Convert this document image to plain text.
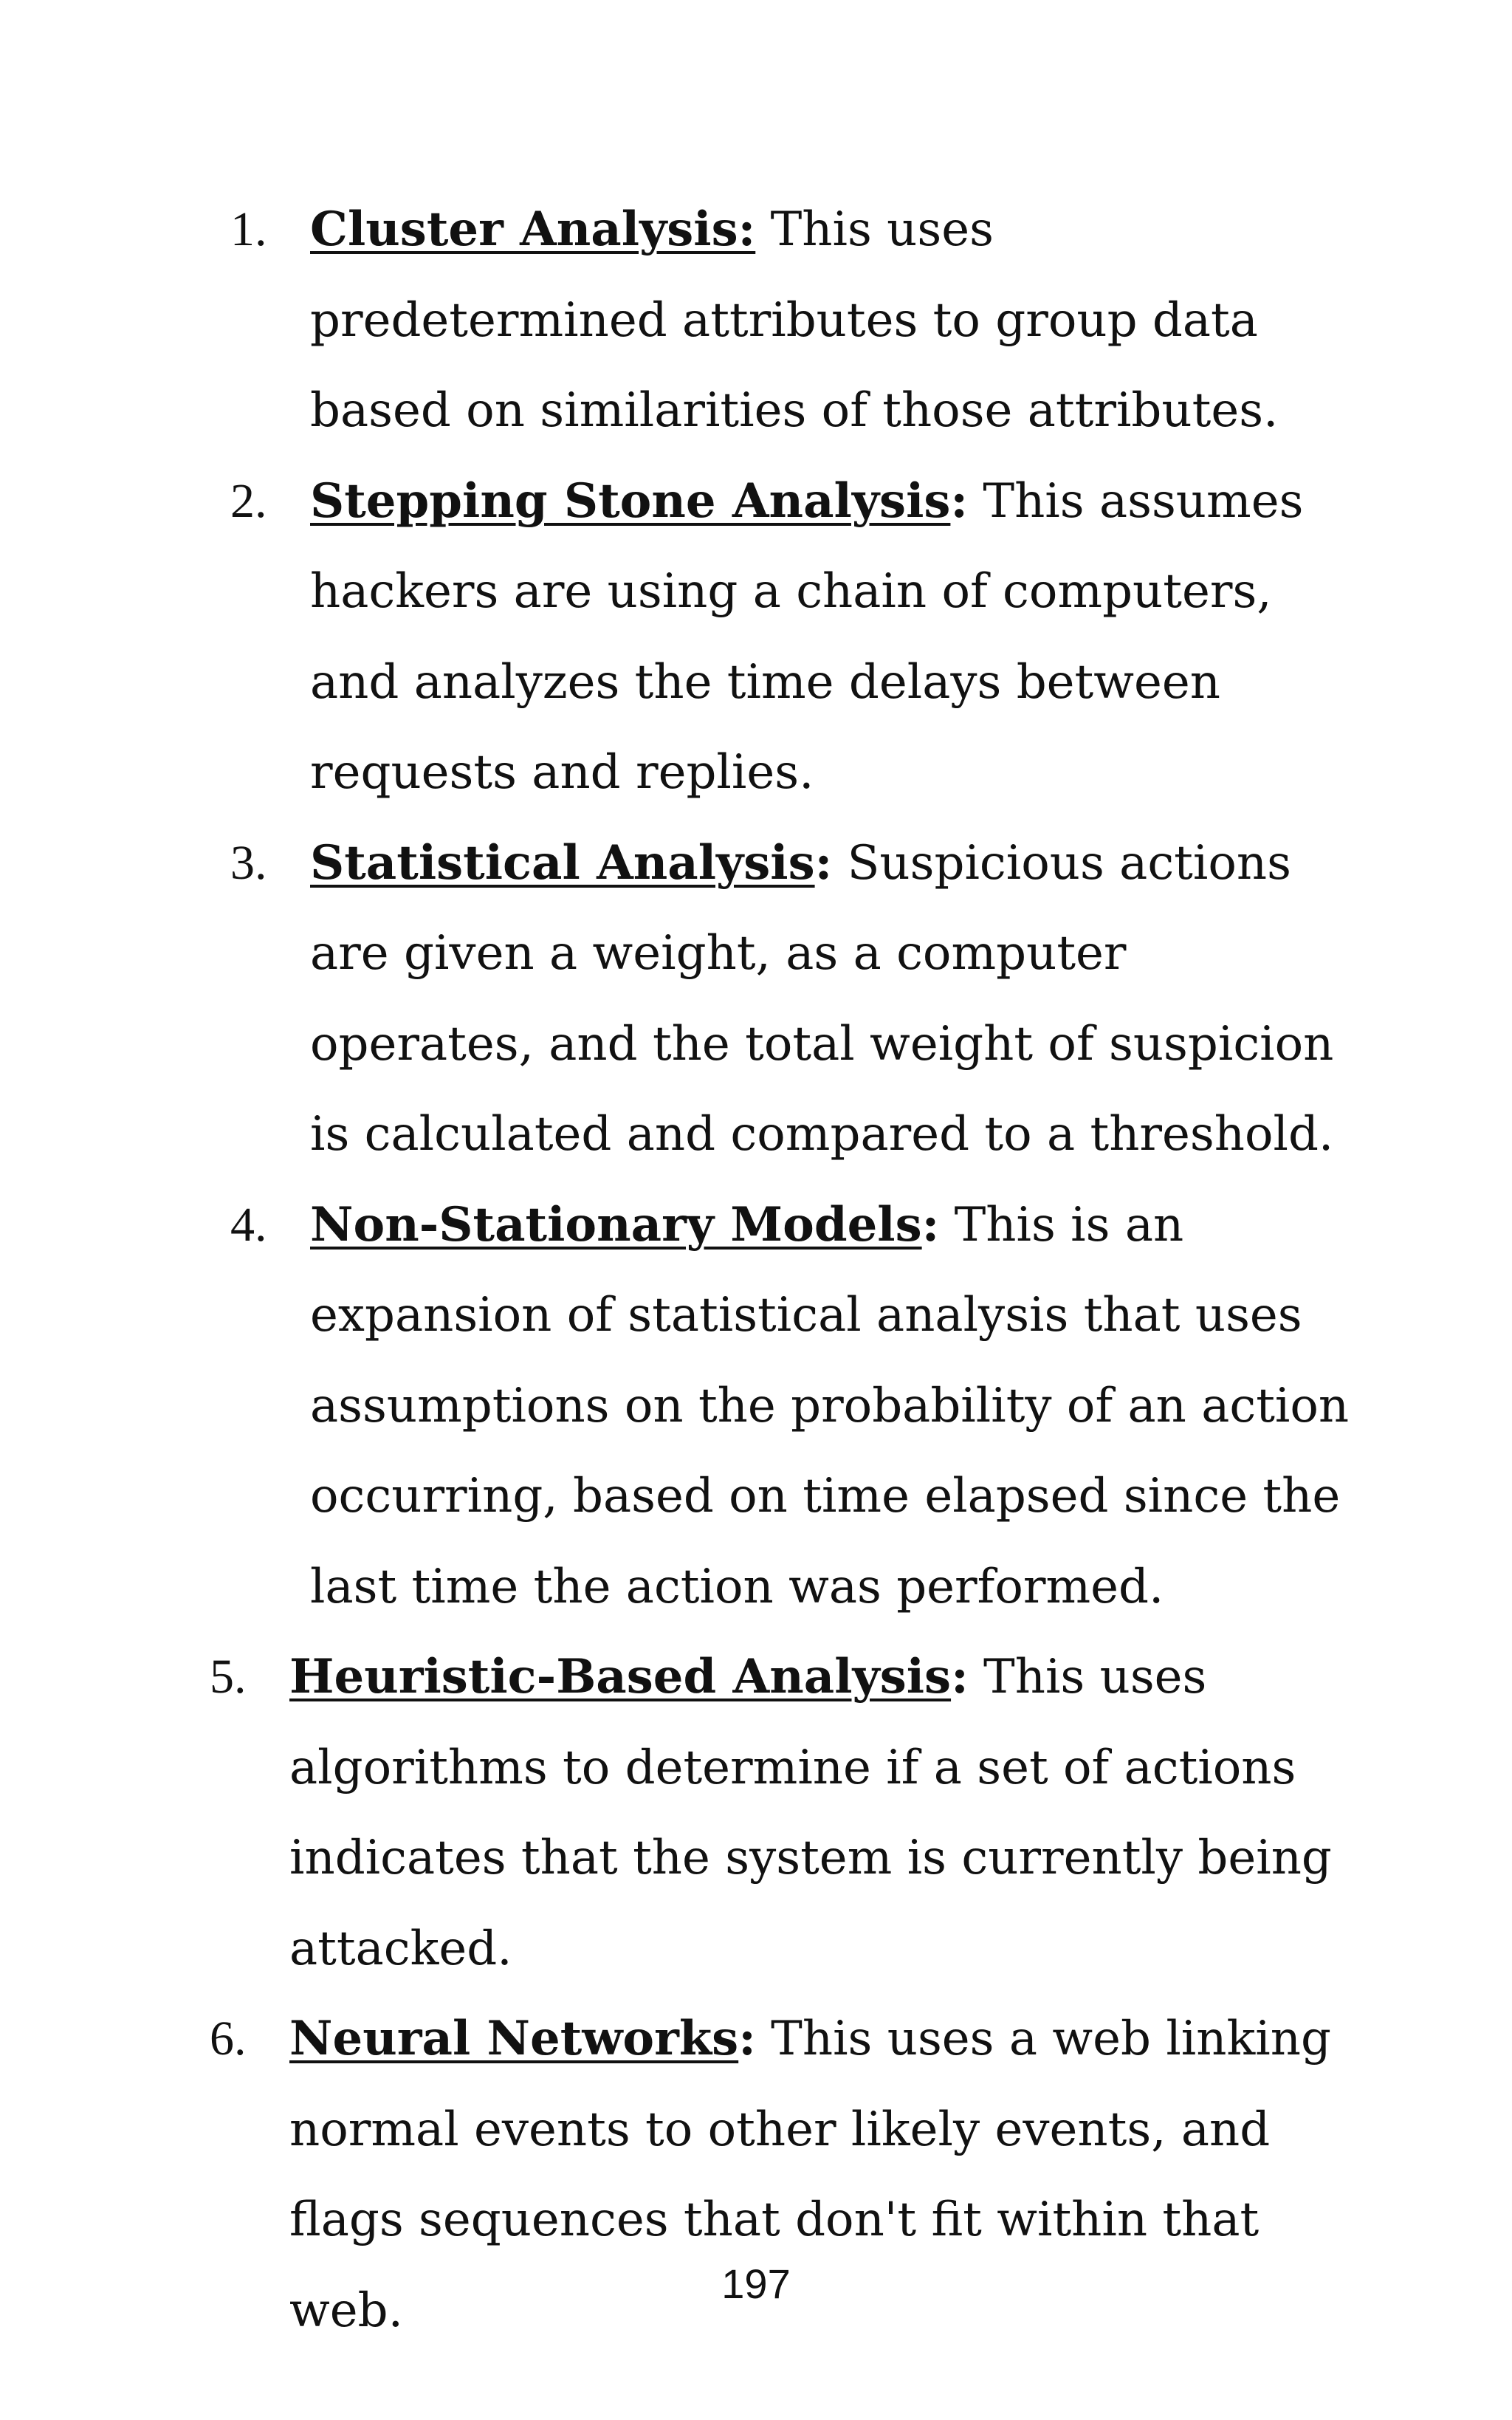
1. Cluster Analysis: This uses predetermined attributes to group data based on similarities of those attributes.
2. Stepping Stone Analysis: This assumes hackers are using a chain of computers, and analyzes the time delays between requests and replies.
3. Statistical Analysis: Suspicious actions are given a weight, as a computer operates, and the total weight of suspicion is calculated and compared to a threshold.
4. Non-Stationary Models: This is an expansion of statistical analysis that uses assumptions on the probability of an action occurring, based on time elapsed since the last time the action was performed.
5. Heuristic-Based Analysis: This uses algorithms to determine if a set of actions indicates that the system is currently being attacked.
6. Neural Networks: This uses a web linking normal events to other likely events, and flags sequences that don't fit within that web.	197
